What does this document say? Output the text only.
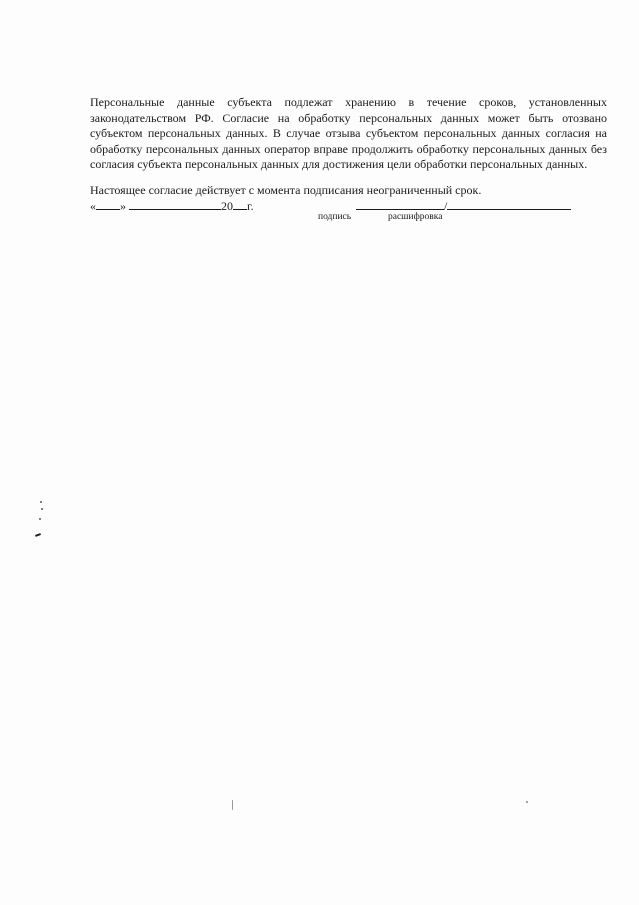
Персональные данные субъекта подлежат хранению в течение сроков, установленных законодательством РФ. Согласие на обработку персональных данных может быть отозвано субъектом персональных данных. В случае отзыва субъектом персональных данных согласия на обработку персональных данных оператор вправе продолжить обработку персональных данных без согласия субъекта персональных данных для достижения цели обработки персональных данных.

Настоящее согласие действует с момента подписания неограниченный срок.

« »	20 г.	/
подпись	расшифровка
